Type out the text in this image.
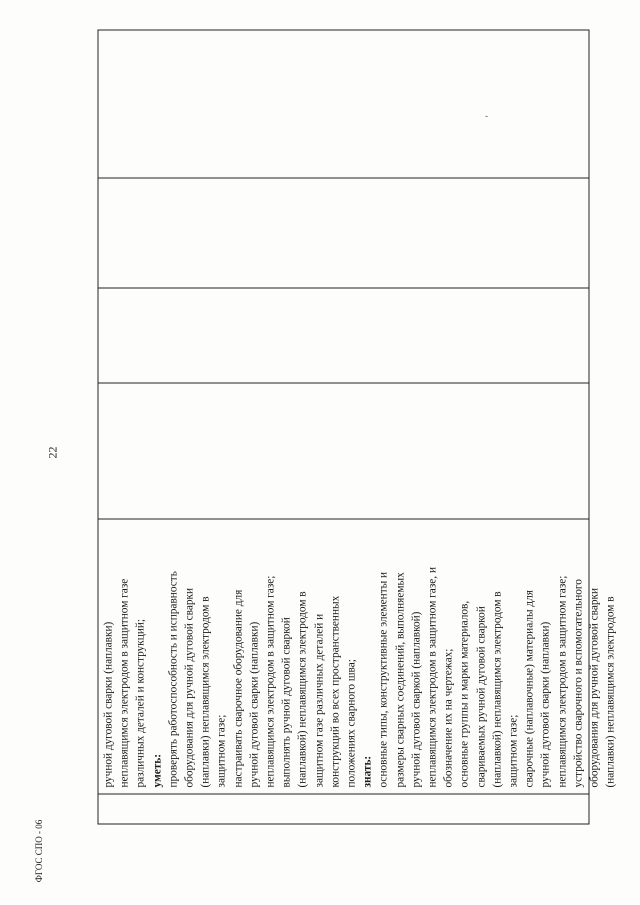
22
ФГОС СПО - 06
ручной дуговой сварки (наплавки) неплавящимся электродом в защитном газе различных деталей и конструкций; уметь: проверять работоспособность и исправность оборудования для ручной дуговой сварки (наплавки) неплавящимся электродом в защитном газе; настраивать сварочное оборудование для ручной дуговой сварки (наплавки) неплавящимся электродом в защитном газе; выполнять ручной дуговой сваркой (наплавкой) неплавящимся электродом в защитном газе различных деталей и конструкций во всех пространственных положениях сварного шва; знать: основные типы, конструктивные элементы и размеры сварных соединений, выполняемых ручной дуговой сваркой (наплавкой) неплавящимся электродом в защитном газе, и обозначение их на чертежах; основные группы и марки материалов, свариваемых ручной дуговой сваркой (наплавкой) неплавящимся электродом в защитном газе; сварочные (наплавочные) материалы для ручной дуговой сварки (наплавки) неплавящимся электродом в защитном газе; устройство сварочного и вспомогательного оборудования для ручной дуговой сварки (наплавки) неплавящимся электродом в
,
